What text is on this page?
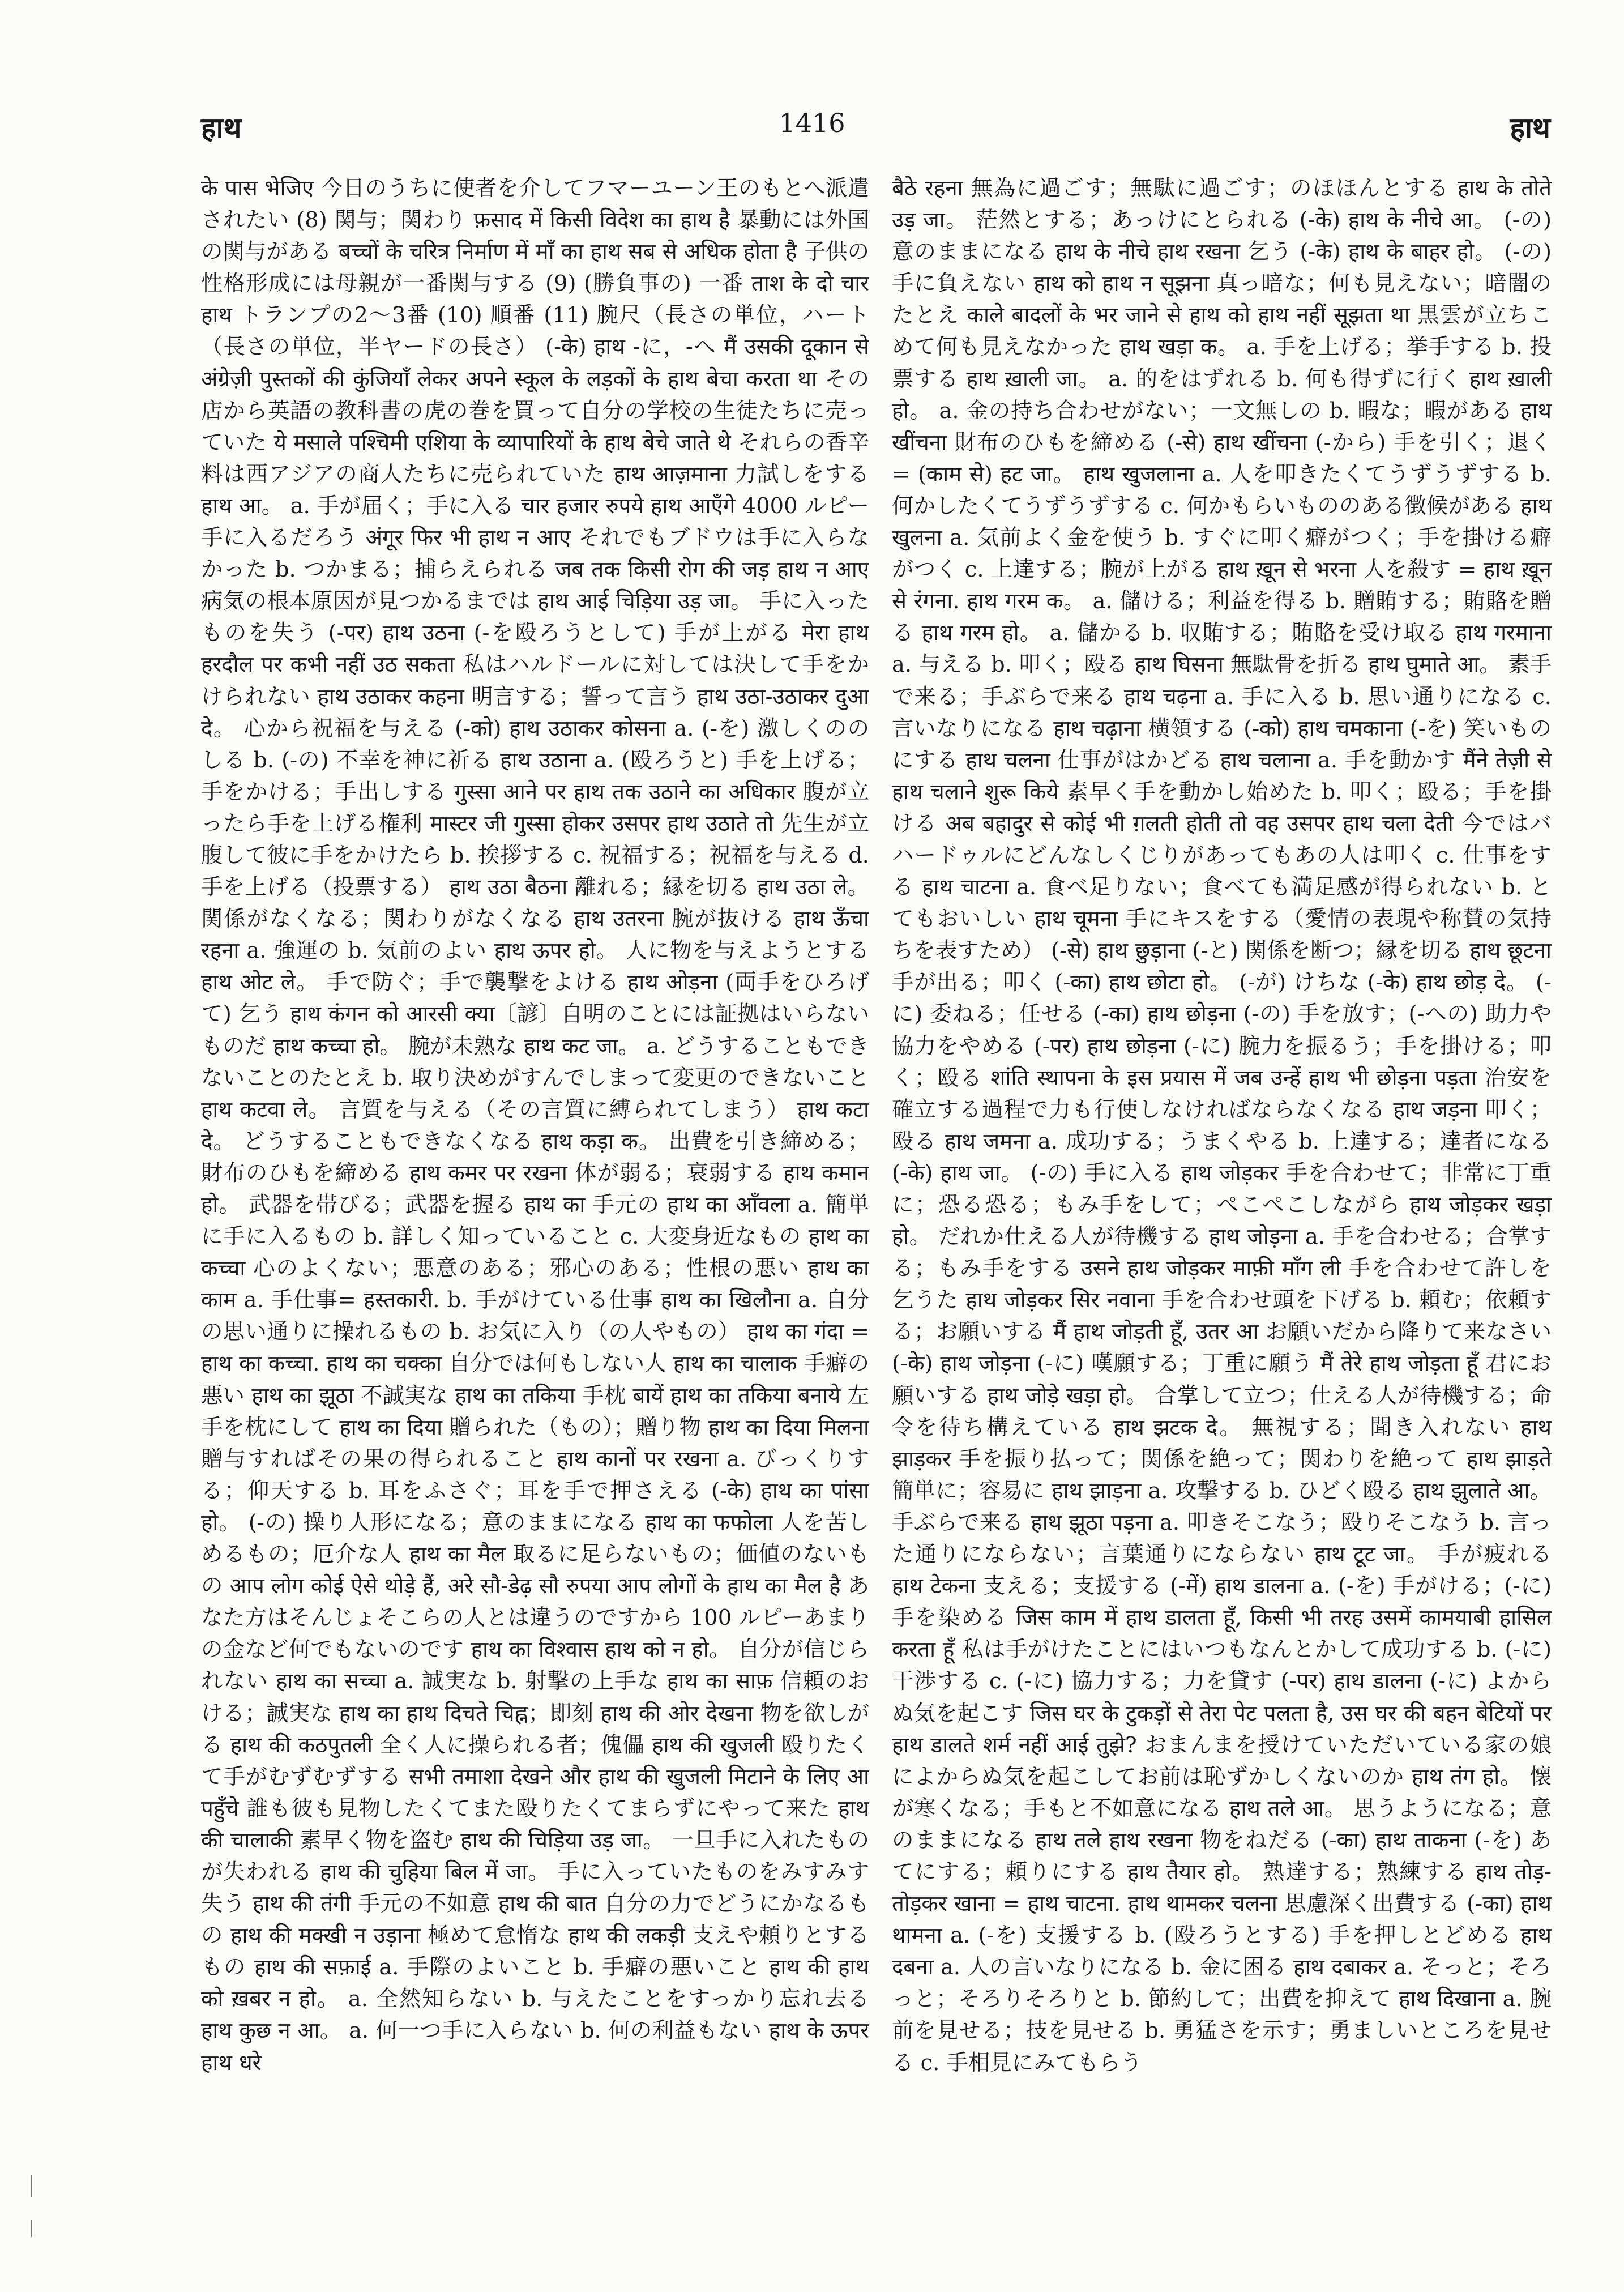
हाथ	1416	हाथ

के पास भेजिए 今日のうちに使者を介してフマーユーン王のもとへ派遣されたい (8) 関与；関わり फ़साद में किसी विदेश का हाथ है 暴動には外国の関与がある बच्चों के चरित्र निर्माण में माँ का हाथ सब से अधिक होता है 子供の性格形成には母親が一番関与する (9) (勝負事の) 一番 ताश के दो चार हाथ トランプの2〜3番 (10) 順番 (11) 腕尺（長さの単位，ハート（長さの単位，半ヤードの長さ） (-के) हाथ -に，-へ मैं उसकी दूकान से अंग्रेज़ी पुस्तकों की कुंजियाँ लेकर अपने स्कूल के लड़कों के हाथ बेचा करता था その店から英語の教科書の虎の巻を買って自分の学校の生徒たちに売っていた ये मसाले पश्चिमी एशिया के व्यापारियों के हाथ बेचे जाते थे それらの香辛料は西アジアの商人たちに売られていた हाथ आज़माना 力試しをする हाथ आ。 a. 手が届く；手に入る चार हजार रुपये हाथ आएँगे 4000 ルピー手に入るだろう अंगूर फिर भी हाथ न आए それでもブドウは手に入らなかった b. つかまる；捕らえられる जब तक किसी रोग की जड़ हाथ न आए 病気の根本原因が見つかるまでは हाथ आई चिड़िया उड़ जा。 手に入ったものを失う (-पर) हाथ उठना (-を殴ろうとして) 手が上がる मेरा हाथ हरदौल पर कभी नहीं उठ सकता 私はハルドールに対しては決して手をかけられない हाथ उठाकर कहना 明言する；誓って言う हाथ उठा-उठाकर दुआ दे。 心から祝福を与える (-को) हाथ उठाकर कोसना a. (-を) 激しくののしる b. (-の) 不幸を神に祈る हाथ उठाना a. (殴ろうと) 手を上げる；手をかける；手出しする गुस्सा आने पर हाथ तक उठाने का अधिकार 腹が立ったら手を上げる権利 मास्टर जी गुस्सा होकर उसपर हाथ उठाते तो 先生が立腹して彼に手をかけたら b. 挨拶する c. 祝福する；祝福を与える d. 手を上げる（投票する） हाथ उठा बैठना 離れる；縁を切る हाथ उठा ले。 関係がなくなる；関わりがなくなる हाथ उतरना 腕が抜ける हाथ ऊँचा रहना a. 強運の b. 気前のよい हाथ ऊपर हो。 人に物を与えようとする हाथ ओट ले。 手で防ぐ；手で襲撃をよける हाथ ओड़ना (両手をひろげて) 乞う हाथ कंगन को आरसी क्या〔諺〕自明のことには証拠はいらないものだ हाथ कच्चा हो。 腕が未熟な हाथ कट जा。 a. どうすることもできないことのたとえ b. 取り決めがすんでしまって変更のできないこと हाथ कटवा ले。 言質を与える（その言質に縛られてしまう） हाथ कटा दे。 どうすることもできなくなる हाथ कड़ा क。 出費を引き締める；財布のひもを締める हाथ कमर पर रखना 体が弱る；衰弱する हाथ कमान हो。 武器を帯びる；武器を握る हाथ का 手元の हाथ का आँवला a. 簡単に手に入るもの b. 詳しく知っていること c. 大変身近なもの हाथ का कच्चा 心のよくない；悪意のある；邪心のある；性根の悪い हाथ का काम a. 手仕事= हस्तकारी. b. 手がけている仕事 हाथ का खिलौना a. 自分の思い通りに操れるもの b. お気に入り（の人やもの） हाथ का गंदा = हाथ का कच्चा. हाथ का चक्का 自分では何もしない人 हाथ का चालाक 手癖の悪い हाथ का झूठा 不誠実な हाथ का तकिया 手枕 बायें हाथ का तकिया बनाये 左手を枕にして हाथ का दिया 贈られた（もの）；贈り物 हाथ का दिया मिलना 贈与すればその果の得られること हाथ कानों पर रखना a. びっくりする；仰天する b. 耳をふさぐ；耳を手で押さえる (-के) हाथ का पांसा हो。 (-の) 操り人形になる；意のままになる हाथ का फफोला 人を苦しめるもの；厄介な人 हाथ का मैल 取るに足らないもの；価値のないもの आप लोग कोई ऐसे थोड़े हैं, अरे सौ-डेढ़ सौ रुपया आप लोगों के हाथ का मैल है あなた方はそんじょそこらの人とは違うのですから 100 ルピーあまりの金など何でもないのです हाथ का विश्वास हाथ को न हो。 自分が信じられない हाथ का सच्चा a. 誠実な b. 射撃の上手な हाथ का साफ़ 信頼のおける；誠実な हाथ का हाथ दिचते चिह्न；即刻 हाथ की ओर देखना 物を欲しがる हाथ की कठपुतली 全く人に操られる者；傀儡 हाथ की खुजली 殴りたくて手がむずむずする सभी तमाशा देखने और हाथ की खुजली मिटाने के लिए आ पहुँचे 誰も彼も見物したくてまた殴りたくてまらずにやって来た हाथ की चालाकी 素早く物を盗む हाथ की चिड़िया उड़ जा。 一旦手に入れたものが失われる हाथ की चुहिया बिल में जा。 手に入っていたものをみすみす失う हाथ की तंगी 手元の不如意 हाथ की बात 自分の力でどうにかなるもの हाथ की मक्खी न उड़ाना 極めて怠惰な हाथ की लकड़ी 支えや頼りとするもの हाथ की सफ़ाई a. 手際のよいこと b. 手癖の悪いこと हाथ की हाथ को ख़बर न हो。 a. 全然知らない b. 与えたことをすっかり忘れ去る हाथ कुछ न आ。 a. 何一つ手に入らない b. 何の利益もない हाथ के ऊपर हाथ धरे

बैठे रहना 無為に過ごす；無駄に過ごす；のほほんとする हाथ के तोते उड़ जा。 茫然とする；あっけにとられる (-के) हाथ के नीचे आ。 (-の) 意のままになる हाथ के नीचे हाथ रखना 乞う (-के) हाथ के बाहर हो。 (-の) 手に負えない हाथ को हाथ न सूझना 真っ暗な；何も見えない；暗闇のたとえ काले बादलों के भर जाने से हाथ को हाथ नहीं सूझता था 黒雲が立ちこめて何も見えなかった हाथ खड़ा क。 a. 手を上げる；挙手する b. 投票する हाथ ख़ाली जा。 a. 的をはずれる b. 何も得ずに行く हाथ ख़ाली हो。 a. 金の持ち合わせがない；一文無しの b. 暇な；暇がある हाथ खींचना 財布のひもを締める (-से) हाथ खींचना (-から) 手を引く；退く = (काम से) हट जा。 हाथ खुजलाना a. 人を叩きたくてうずうずする b. 何かしたくてうずうずする c. 何かもらいもののある徴候がある हाथ खुलना a. 気前よく金を使う b. すぐに叩く癖がつく；手を掛ける癖がつく c. 上達する；腕が上がる हाथ ख़ून से भरना 人を殺す = हाथ ख़ून से रंगना. हाथ गरम क。 a. 儲ける；利益を得る b. 贈賄する；賄賂を贈る हाथ गरम हो。 a. 儲かる b. 収賄する；賄賂を受け取る हाथ गरमाना a. 与える b. 叩く；殴る हाथ घिसना 無駄骨を折る हाथ घुमाते आ。 素手で来る；手ぶらで来る हाथ चढ़ना a. 手に入る b. 思い通りになる c. 言いなりになる हाथ चढ़ाना 横領する (-को) हाथ चमकाना (-を) 笑いものにする हाथ चलना 仕事がはかどる हाथ चलाना a. 手を動かす मैंने तेज़ी से हाथ चलाने शुरू किये 素早く手を動かし始めた b. 叩く；殴る；手を掛ける अब बहादुर से कोई भी ग़लती होती तो वह उसपर हाथ चला देती 今ではバハードゥルにどんなしくじりがあってもあの人は叩く c. 仕事をする हाथ चाटना a. 食べ足りない；食べても満足感が得られない b. とてもおいしい हाथ चूमना 手にキスをする（愛情の表現や称賛の気持ちを表すため） (-से) हाथ छुड़ाना (-と) 関係を断つ；縁を切る हाथ छूटना 手が出る；叩く (-का) हाथ छोटा हो。 (-が) けちな (-के) हाथ छोड़ दे。 (-に) 委ねる；任せる (-का) हाथ छोड़ना (-の) 手を放す；(-への) 助力や協力をやめる (-पर) हाथ छोड़ना (-に) 腕力を振るう；手を掛ける；叩く；殴る शांति स्थापना के इस प्रयास में जब उन्हें हाथ भी छोड़ना पड़ता 治安を確立する過程で力も行使しなければならなくなる हाथ जड़ना 叩く；殴る हाथ जमना a. 成功する；うまくやる b. 上達する；達者になる (-के) हाथ जा。 (-の) 手に入る हाथ जोड़कर 手を合わせて；非常に丁重に；恐る恐る；もみ手をして；ぺこぺこしながら हाथ जोड़कर खड़ा हो。 だれか仕える人が待機する हाथ जोड़ना a. 手を合わせる；合掌する；もみ手をする उसने हाथ जोड़कर माफ़ी माँग ली 手を合わせて許しを乞うた हाथ जोड़कर सिर नवाना 手を合わせ頭を下げる b. 頼む；依頼する；お願いする मैं हाथ जोड़ती हूँ, उतर आ お願いだから降りて来なさい (-के) हाथ जोड़ना (-に) 嘆願する；丁重に願う मैं तेरे हाथ जोड़ता हूँ 君にお願いする हाथ जोड़े खड़ा हो。 合掌して立つ；仕える人が待機する；命令を待ち構えている हाथ झटक दे。 無視する；聞き入れない हाथ झाड़कर 手を振り払って；関係を絶って；関わりを絶って हाथ झाड़ते 簡単に；容易に हाथ झाड़ना a. 攻撃する b. ひどく殴る हाथ झुलाते आ。 手ぶらで来る हाथ झूठा पड़ना a. 叩きそこなう；殴りそこなう b. 言った通りにならない；言葉通りにならない हाथ टूट जा。 手が疲れる हाथ टेकना 支える；支援する (-में) हाथ डालना a. (-を) 手がける；(-に) 手を染める जिस काम में हाथ डालता हूँ, किसी भी तरह उसमें कामयाबी हासिल करता हूँ 私は手がけたことにはいつもなんとかして成功する b. (-に) 干渉する c. (-に) 協力する；力を貸す (-पर) हाथ डालना (-に) よからぬ気を起こす जिस घर के टुकड़ों से तेरा पेट पलता है, उस घर की बहन बेटियों पर हाथ डालते शर्म नहीं आई तुझे? おまんまを授けていただいている家の娘によからぬ気を起こしてお前は恥ずかしくないのか हाथ तंग हो。 懐が寒くなる；手もと不如意になる हाथ तले आ。 思うようになる；意のままになる हाथ तले हाथ रखना 物をねだる (-का) हाथ ताकना (-を) あてにする；頼りにする हाथ तैयार हो。 熟達する；熟練する हाथ तोड़-तोड़कर खाना = हाथ चाटना. हाथ थामकर चलना 思慮深く出費する (-का) हाथ थामना a. (-を) 支援する b. (殴ろうとする) 手を押しとどめる हाथ दबना a. 人の言いなりになる b. 金に困る हाथ दबाकर a. そっと；そろっと；そろりそろりと b. 節約して；出費を抑えて हाथ दिखाना a. 腕前を見せる；技を見せる b. 勇猛さを示す；勇ましいところを見せる c. 手相見にみてもらう
